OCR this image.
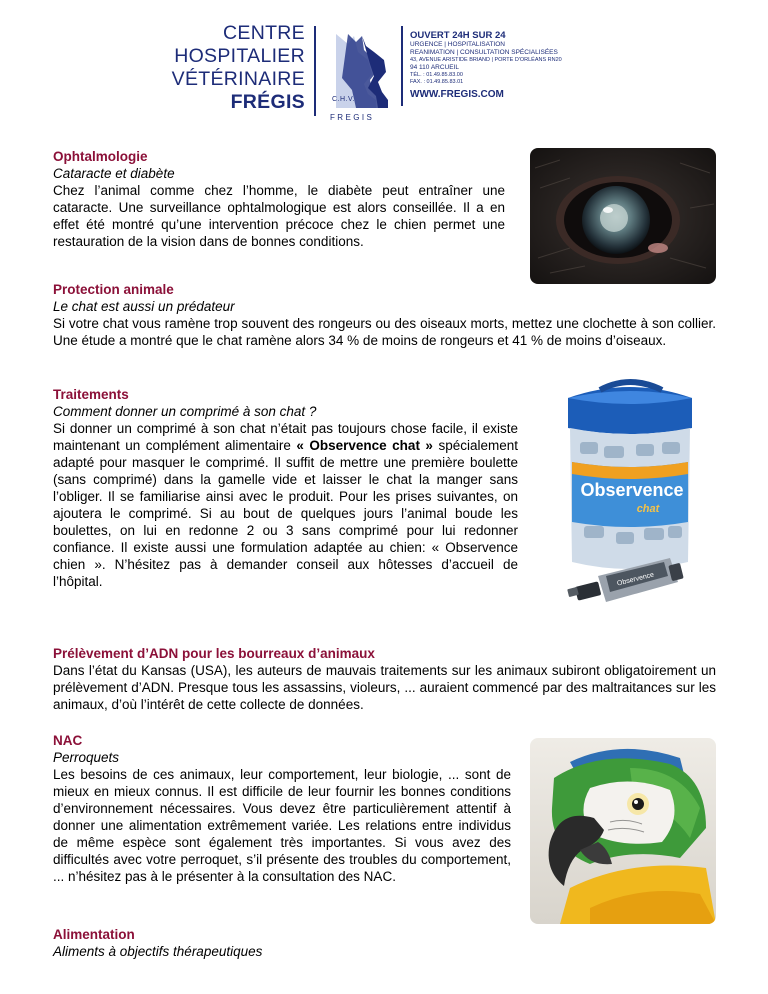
CENTRE
HOSPITALIER
VÉTÉRINAIRE
FRÉGIS	C.H.V.
FREGIS
OUVERT 24H SUR 24
URGENCE | HOSPITALISATION
REANIMATION | CONSULTATION SPÉCIALISÉES
43, AVENUE ARISTIDE BRIAND | PORTE D'ORLÉANS RN20
94 110 ARCUEIL
TÉL. : 01.49.85.83.00
FAX. : 01.49.85.83.01
WWW.FREGIS.COM
Ophtalmologie
Cataracte et diabète
Chez l’animal comme chez l’homme, le diabète peut entraîner une cataracte. Une surveillance ophtalmologique est alors conseillée. Il a en effet été montré qu’une intervention précoce chez le chien permet une restauration de la vision dans de bonnes conditions.
Protection animale
Le chat est aussi un prédateur
Si votre chat vous ramène trop souvent des rongeurs ou des oiseaux morts, mettez une clochette à son collier. Une étude a montré que le chat ramène alors 34 % de moins de rongeurs et 41 % de moins d’oiseaux.
Traitements
Comment donner un comprimé à son chat ?
Si donner un comprimé à son chat n’était pas toujours chose facile, il existe maintenant un complément alimentaire « Observence chat » spécialement adapté pour masquer le comprimé. Il suffit de mettre une première boulette (sans comprimé) dans la gamelle vide et laisser le chat la manger sans l’obliger. Il se familiarise ainsi avec le produit. Pour les prises suivantes, on ajoutera le comprimé. Si au bout de quelques jours l’animal boude les boulettes, on lui en redonne 2 ou 3 sans comprimé pour lui redonner confiance. Il existe aussi une formulation adaptée au chien: « Observence chien ». N’hésitez pas à demander conseil aux hôtesses d’accueil de l’hôpital.
Observence
chat
Observence
Prélèvement d’ADN pour les bourreaux d’animaux
Dans l’état du Kansas (USA), les auteurs de mauvais traitements sur les animaux subiront obligatoirement un prélèvement d’ADN. Presque tous les assassins, violeurs, ... auraient commencé par des maltraitances sur les animaux, d’où l’intérêt de cette collecte de données.
NAC
Perroquets
Les besoins de ces animaux, leur comportement, leur biologie, ... sont de mieux en mieux connus. Il est difficile de leur fournir les bonnes conditions d’environnement nécessaires. Vous devez être particulièrement attentif à donner une alimentation extrêmement variée. Les relations entre individus de même espèce sont également très importantes. Si vous avez des difficultés avec votre perroquet, s’il présente des troubles du comportement, ... n’hésitez pas à le présenter à la consultation des NAC.
Alimentation
Aliments à objectifs thérapeutiques
